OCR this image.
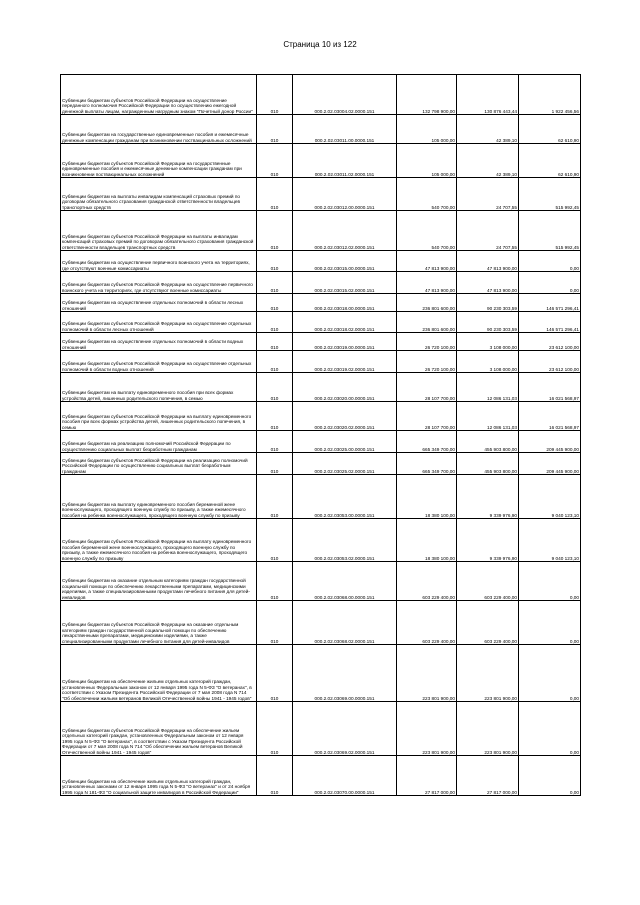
Страница 10 из 122
Субвенции бюджетам субъектов Российской Федерации на осуществление переданного полномочия Российской Федерации по осуществлению ежегодной денежной выплаты лицам, награжденным нагрудным знаком "Почетный донор России"	010	000.2.02.03004.02.0000.151	132 798 900,00	130 876 443,44	1 922 456,56
Субвенции бюджетам на государственные единовременные пособия и ежемесячные денежные компенсации гражданам при возникновении поствакцинальных осложнений	010	000.2.02.03011.00.0000.151	105 000,00	42 389,10	62 610,90
Субвенции бюджетам субъектов Российской Федерации на государственные единовременные пособия и ежемесячные денежные компенсации гражданам при возникновении поствакцинальных осложнений	010	000.2.02.03011.02.0000.151	105 000,00	42 389,10	62 610,90
Субвенции бюджетам на выплаты инвалидам компенсаций страховых премий по договорам обязательного страхования гражданской ответственности владельцев транспортных средств	010	000.2.02.03012.00.0000.151	540 700,00	24 707,55	515 992,45
Субвенции бюджетам субъектов Российской Федерации на выплаты инвалидам компенсаций страховых премий по договорам обязательного страхования гражданской ответственности владельцев транспортных средств	010	000.2.02.03012.02.0000.151	540 700,00	24 707,55	515 992,45
Субвенции бюджетам на осуществление первичного воинского учета на территориях, где отсутствуют военные комиссариаты	010	000.2.02.03015.00.0000.151	47 813 900,00	47 813 900,00	0,00
Субвенции бюджетам субъектов Российской Федерации на осуществление первичного воинского учета на территориях, где отсутствуют военные комиссариаты	010	000.2.02.03015.02.0000.151	47 813 900,00	47 813 900,00	0,00
Субвенции бюджетам на осуществление отдельных полномочий в области лесных отношений	010	000.2.02.03018.00.0000.151	236 801 600,00	90 230 303,59	146 571 296,41
Субвенции бюджетам субъектов Российской Федерации на осуществление отдельных полномочий в области лесных отношений	010	000.2.02.03018.02.0000.151	236 801 600,00	90 230 303,59	146 571 296,41
Субвенции бюджетам на осуществление отдельных полномочий в области водных отношений	010	000.2.02.03019.00.0000.151	26 720 100,00	3 108 000,00	23 612 100,00
Субвенции бюджетам субъектов Российской Федерации на осуществление отдельных полномочий в области водных отношений	010	000.2.02.03019.02.0000.151	26 720 100,00	3 108 000,00	23 612 100,00
Субвенции бюджетам на выплату единовременного пособия при всех формах устройства детей, лишенных родительского попечения, в семью	010	000.2.02.03020.00.0000.151	28 107 700,00	12 086 131,03	16 021 568,97
Субвенции бюджетам субъектов Российской Федерации на выплату единовременного пособия при всех формах устройства детей, лишенных родительского попечения, в семью	010	000.2.02.03020.02.0000.151	28 107 700,00	12 086 131,03	16 021 568,97
Субвенции бюджетам на реализацию полномочий Российской Федерации по осуществлению социальных выплат безработным гражданам	010	000.2.02.03025.00.0000.151	665 349 700,00	455 903 800,00	209 445 900,00
Субвенции бюджетам субъектов Российской Федерации на реализацию полномочий Российской Федерации по осуществлению социальных выплат безработным гражданам	010	000.2.02.03025.02.0000.151	665 349 700,00	455 903 800,00	209 445 900,00
Субвенции бюджетам на выплату единовременного пособия беременной жене военнослужащего, проходящего военную службу по призыву, а также ежемесячного пособия на ребенка военнослужащего, проходящего военную службу по призыву	010	000.2.02.03053.00.0000.151	18 380 100,00	9 339 976,90	9 040 123,10
Субвенции бюджетам субъектов Российской Федерации на выплату единовременного пособия беременной жене военнослужащего, проходящего военную службу по призыву, а также ежемесячного пособия на ребенка военнослужащего, проходящего военную службу по призыву	010	000.2.02.03053.02.0000.151	18 380 100,00	9 339 976,90	9 040 123,10
Субвенции бюджетам на оказание отдельным категориям граждан государственной социальной помощи по обеспечению лекарственными препаратами, медицинскими изделиями, а также специализированными продуктами лечебного питания для детей-инвалидов	010	000.2.02.03068.00.0000.151	603 229 400,00	603 229 400,00	0,00
Субвенции бюджетам субъектов Российской Федерации на оказание отдельным категориям граждан государственной социальной помощи по обеспечению лекарственными препаратами, медицинскими изделиями, а также специализированными продуктами лечебного питания для детей-инвалидов	010	000.2.02.03068.02.0000.151	603 229 400,00	603 229 400,00	0,00
Субвенции бюджетам на обеспечение жильем отдельных категорий граждан, установленных Федеральным законом от 12 января 1995 года N 5-ФЗ "О ветеранах", в соответствии с Указом Президента Российской Федерации от 7 мая 2008 года N 714 "Об обеспечении жильем ветеранов Великой Отечественной войны 1941 - 1945 годов"	010	000.2.02.03069.00.0000.151	223 801 900,00	223 801 900,00	0,00
Субвенции бюджетам субъектов Российской Федерации на обеспечение жильем отдельных категорий граждан, установленных Федеральным законом от 12 января 1995 года N 5-ФЗ "О ветеранах", в соответствии с Указом Президента Российской Федерации от 7 мая 2008 года N 714 "Об обеспечении жильем ветеранов Великой Отечественной войны 1941 - 1945 годов"	010	000.2.02.03069.02.0000.151	223 801 900,00	223 801 900,00	0,00
Субвенции бюджетам на обеспечение жильем отдельных категорий граждан, установленных законами от 12 января 1995 года N 5-ФЗ "О ветеранах" и от 24 ноября 1995 года N 181-ФЗ "О социальной защите инвалидов в Российской Федерации"	010	000.2.02.03070.00.0000.151	27 817 000,00	27 817 000,00	0,00
